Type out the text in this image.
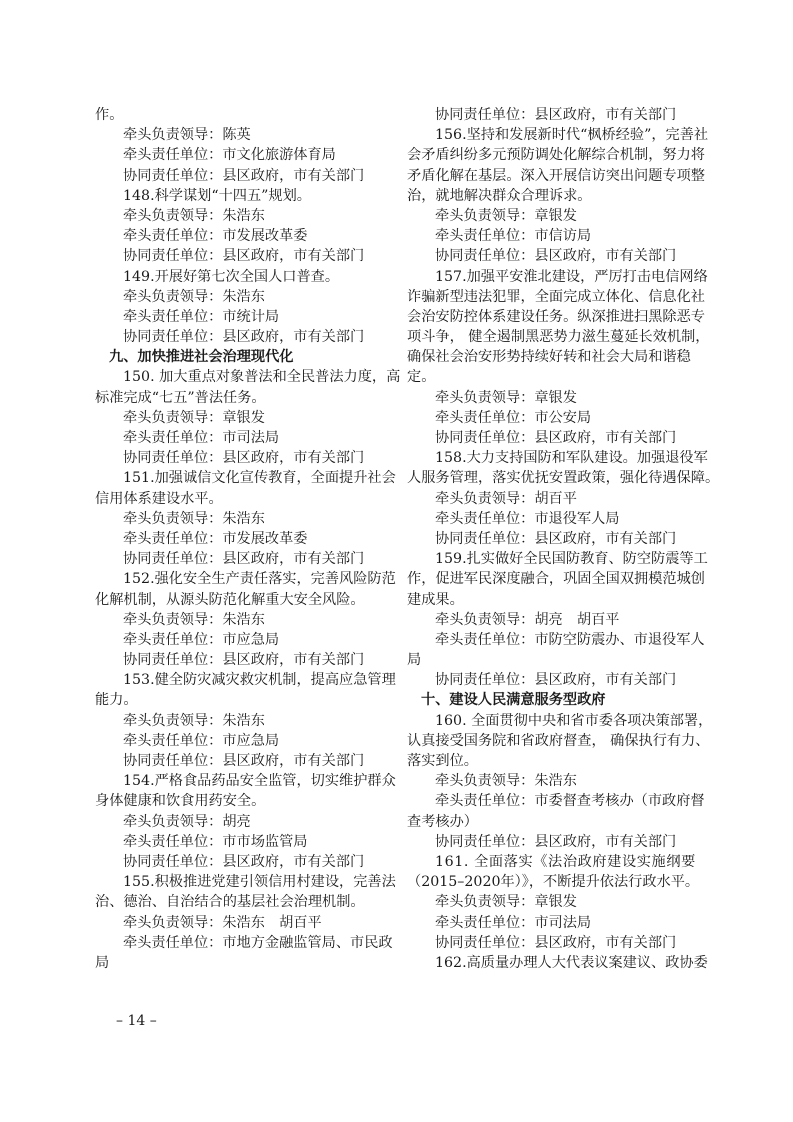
作。
牵头负责领导：陈英
牵头责任单位：市文化旅游体育局
协同责任单位：县区政府，市有关部门
148.科学谋划“十四五”规划。
牵头负责领导：朱浩东
牵头责任单位：市发展改革委
协同责任单位：县区政府，市有关部门
149.开展好第七次全国人口普查。
牵头负责领导：朱浩东
牵头责任单位：市统计局
协同责任单位：县区政府，市有关部门
九、加快推进社会治理现代化
150. 加大重点对象普法和全民普法力度，高
标准完成“七五”普法任务。
牵头负责领导：章银发
牵头责任单位：市司法局
协同责任单位：县区政府，市有关部门
151.加强诚信文化宣传教育，全面提升社会
信用体系建设水平。
牵头负责领导：朱浩东
牵头责任单位：市发展改革委
协同责任单位：县区政府，市有关部门
152.强化安全生产责任落实，完善风险防范
化解机制，从源头防范化解重大安全风险。
牵头负责领导：朱浩东
牵头责任单位：市应急局
协同责任单位：县区政府，市有关部门
153.健全防灾减灾救灾机制，提高应急管理
能力。
牵头负责领导：朱浩东
牵头责任单位：市应急局
协同责任单位：县区政府，市有关部门
154.严格食品药品安全监管，切实维护群众
身体健康和饮食用药安全。
牵头负责领导：胡亮
牵头责任单位：市市场监管局
协同责任单位：县区政府，市有关部门
155.积极推进党建引领信用村建设，完善法
治、德治、自治结合的基层社会治理机制。
牵头负责领导：朱浩东　胡百平
牵头责任单位：市地方金融监管局、市民政
局
协同责任单位：县区政府，市有关部门
156.坚持和发展新时代“枫桥经验”，完善社
会矛盾纠纷多元预防调处化解综合机制，努力将
矛盾化解在基层。深入开展信访突出问题专项整
治，就地解决群众合理诉求。
牵头负责领导：章银发
牵头责任单位：市信访局
协同责任单位：县区政府，市有关部门
157.加强平安淮北建设，严厉打击电信网络
诈骗新型违法犯罪，全面完成立体化、信息化社
会治安防控体系建设任务。纵深推进扫黑除恶专
项斗争， 健全遏制黑恶势力滋生蔓延长效机制，
确保社会治安形势持续好转和社会大局和谐稳
定。
牵头负责领导：章银发
牵头责任单位：市公安局
协同责任单位：县区政府，市有关部门
158.大力支持国防和军队建设。加强退役军
人服务管理，落实优抚安置政策，强化待遇保障。
牵头负责领导：胡百平
牵头责任单位：市退役军人局
协同责任单位：县区政府，市有关部门
159.扎实做好全民国防教育、防空防震等工
作，促进军民深度融合，巩固全国双拥模范城创
建成果。
牵头负责领导：胡亮　胡百平
牵头责任单位：市防空防震办、市退役军人
局
协同责任单位：县区政府，市有关部门
十、建设人民满意服务型政府
160. 全面贯彻中央和省市委各项决策部署，
认真接受国务院和省政府督查， 确保执行有力、
落实到位。
牵头负责领导：朱浩东
牵头责任单位：市委督查考核办（市政府督
查考核办）
协同责任单位：县区政府，市有关部门
161. 全面落实《法治政府建设实施纲要
（2015–2020年）》，不断提升依法行政水平。
牵头负责领导：章银发
牵头责任单位：市司法局
协同责任单位：县区政府，市有关部门
162.高质量办理人大代表议案建议、政协委
– 14 –
